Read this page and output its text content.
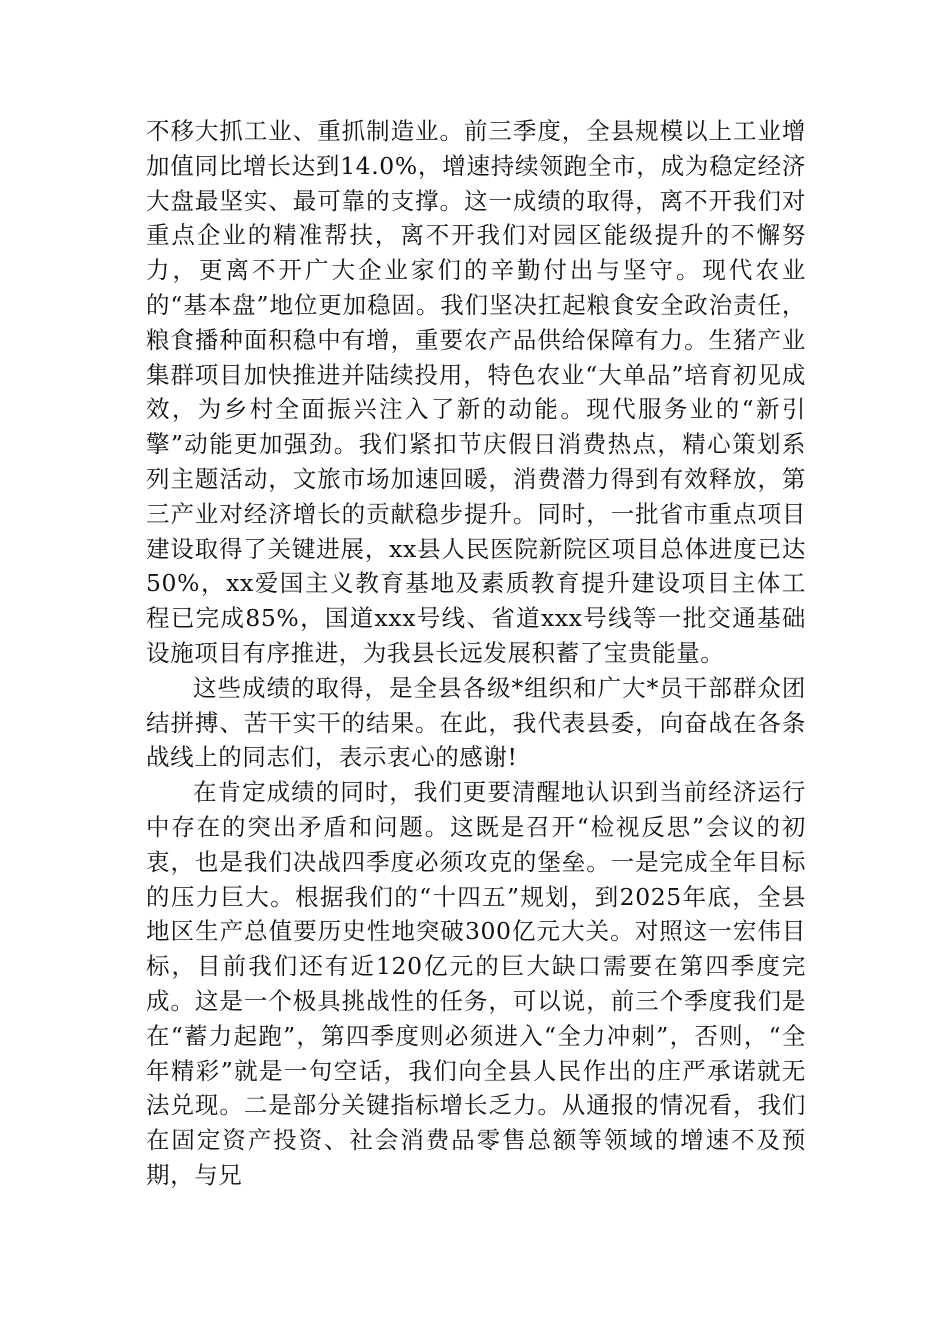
不移大抓工业、重抓制造业。前三季度，全县规模以上工业增加值同比增长达到14.0%，增速持续领跑全市，成为稳定经济大盘最坚实、最可靠的支撑。这一成绩的取得，离不开我们对重点企业的精准帮扶，离不开我们对园区能级提升的不懈努力，更离不开广大企业家们的辛勤付出与坚守。现代农业的“基本盘”地位更加稳固。我们坚决扛起粮食安全政治责任，粮食播种面积稳中有增，重要农产品供给保障有力。生猪产业集群项目加快推进并陆续投用，特色农业“大单品”培育初见成效，为乡村全面振兴注入了新的动能。现代服务业的“新引擎”动能更加强劲。我们紧扣节庆假日消费热点，精心策划系列主题活动，文旅市场加速回暖，消费潜力得到有效释放，第三产业对经济增长的贡献稳步提升。同时，一批省市重点项目建设取得了关键进展，xx县人民医院新院区项目总体进度已达50%，xx爱国主义教育基地及素质教育提升建设项目主体工程已完成85%，国道xxx号线、省道xxx号线等一批交通基础设施项目有序推进，为我县长远发展积蓄了宝贵能量。

这些成绩的取得，是全县各级*组织和广大*员干部群众团结拼搏、苦干实干的结果。在此，我代表县委，向奋战在各条战线上的同志们，表示衷心的感谢!

在肯定成绩的同时，我们更要清醒地认识到当前经济运行中存在的突出矛盾和问题。这既是召开“检视反思”会议的初衷，也是我们决战四季度必须攻克的堡垒。一是完成全年目标的压力巨大。根据我们的“十四五”规划，到2025年底，全县地区生产总值要历史性地突破300亿元大关。对照这一宏伟目标，目前我们还有近120亿元的巨大缺口需要在第四季度完成。这是一个极具挑战性的任务，可以说，前三个季度我们是在“蓄力起跑”，第四季度则必须进入“全力冲刺”，否则，“全年精彩”就是一句空话，我们向全县人民作出的庄严承诺就无法兑现。二是部分关键指标增长乏力。从通报的情况看，我们在固定资产投资、社会消费品零售总额等领域的增速不及预期，与兄
